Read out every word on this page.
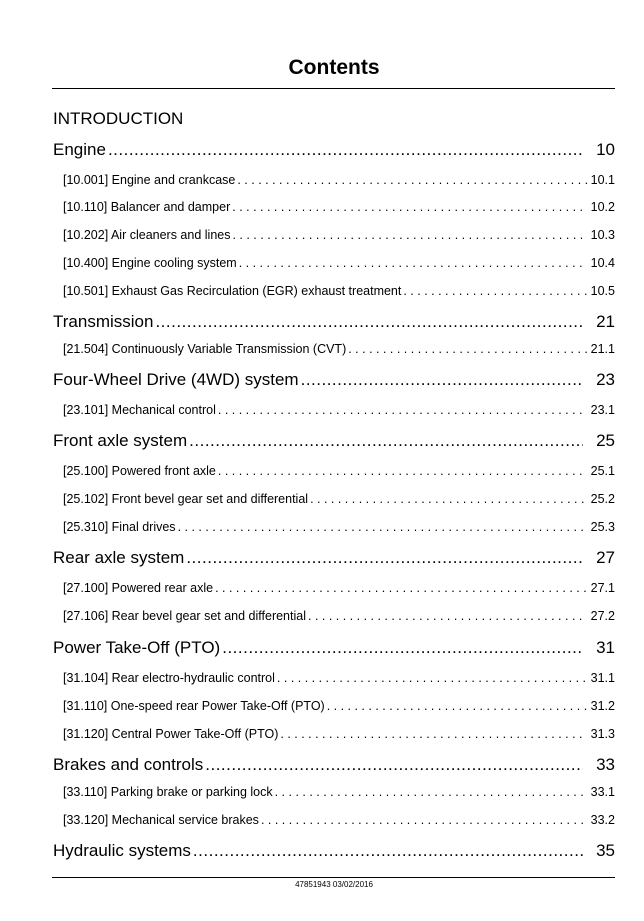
Contents
INTRODUCTION
Engine .....	10
[10.001] Engine and crankcase . . .	10.1
[10.110] Balancer and damper . . .	10.2
[10.202] Air cleaners and lines . . .	10.3
[10.400] Engine cooling system . . .	10.4
[10.501] Exhaust Gas Recirculation (EGR) exhaust treatment . . .	10.5
Transmission .....	21
[21.504] Continuously Variable Transmission (CVT) . . .	21.1
Four-Wheel Drive (4WD) system .....	23
[23.101] Mechanical control . . .	23.1
Front axle system .....	25
[25.100] Powered front axle . . .	25.1
[25.102] Front bevel gear set and differential . . .	25.2
[25.310] Final drives . . .	25.3
Rear axle system .....	27
[27.100] Powered rear axle . . .	27.1
[27.106] Rear bevel gear set and differential . . .	27.2
Power Take-Off (PTO) .....	31
[31.104] Rear electro-hydraulic control . . .	31.1
[31.110] One-speed rear Power Take-Off (PTO) . . .	31.2
[31.120] Central Power Take-Off (PTO) . . .	31.3
Brakes and controls .....	33
[33.110] Parking brake or parking lock . . .	33.1
[33.120] Mechanical service brakes . . .	33.2
Hydraulic systems .....	35
47851943 03/02/2016
